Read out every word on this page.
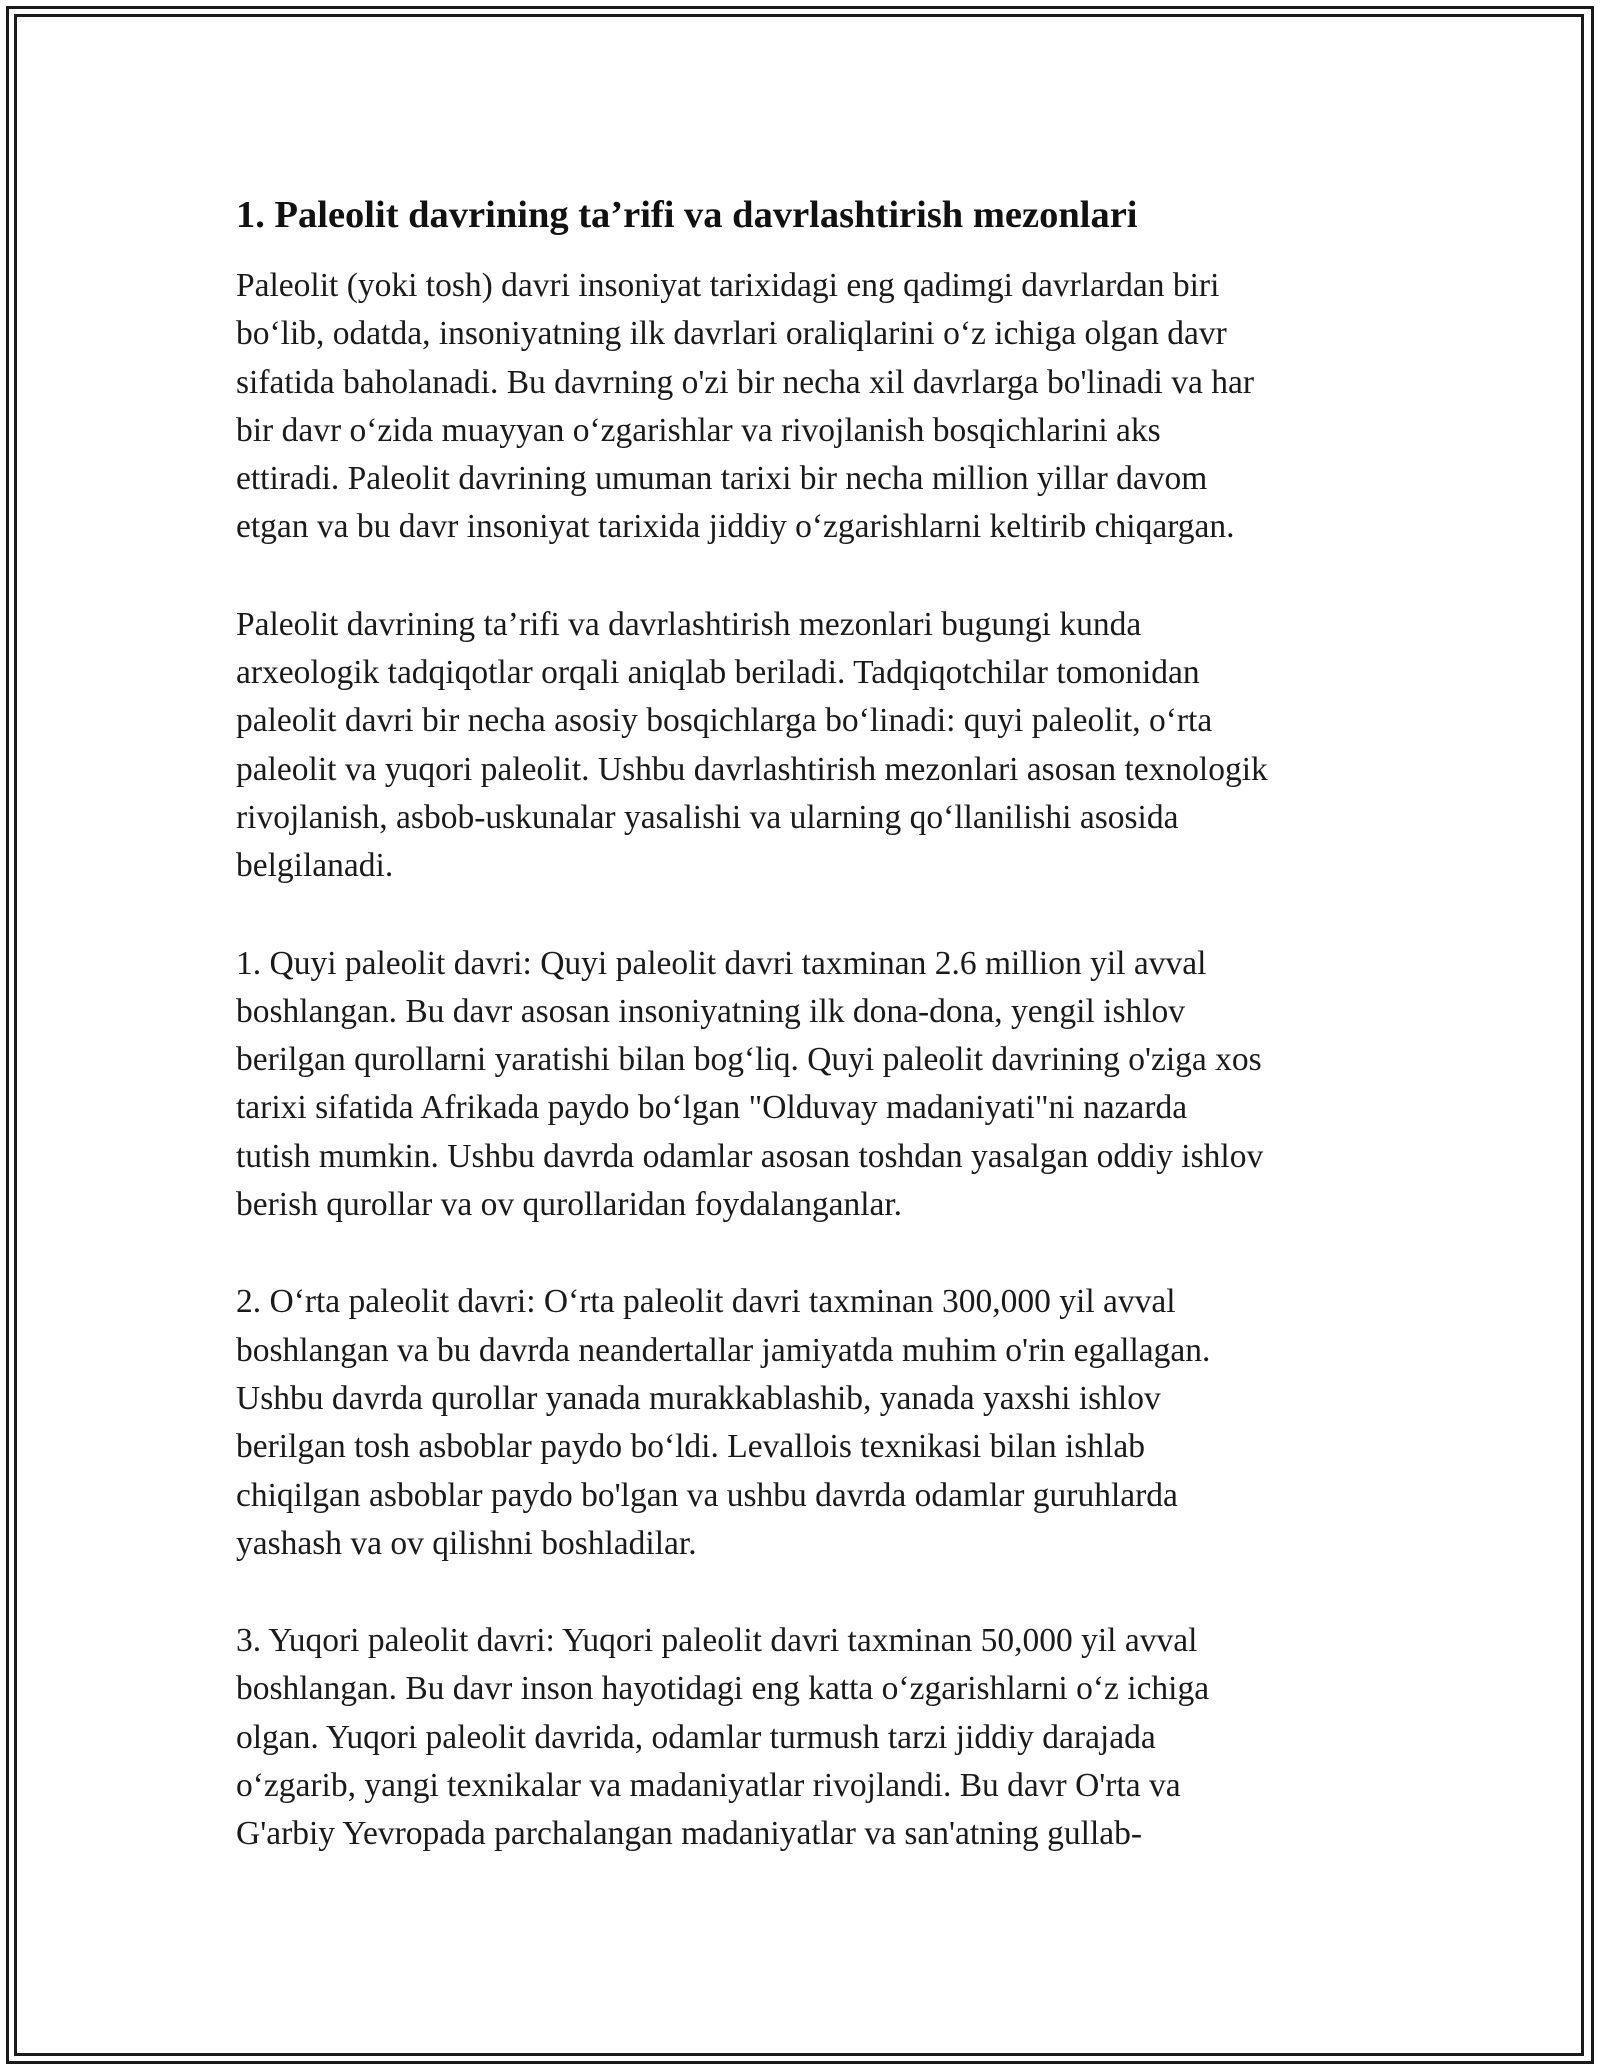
1. Paleolit davrining ta’rifi va davrlashtirish mezonlari

Paleolit (yoki tosh) davri insoniyat tarixidagi eng qadimgi davrlardan biri
bo‘lib, odatda, insoniyatning ilk davrlari oraliqlarini o‘z ichiga olgan davr
sifatida baholanadi. Bu davrning o'zi bir necha xil davrlarga bo'linadi va har
bir davr o‘zida muayyan o‘zgarishlar va rivojlanish bosqichlarini aks
ettiradi. Paleolit davrining umuman tarixi bir necha million yillar davom
etgan va bu davr insoniyat tarixida jiddiy o‘zgarishlarni keltirib chiqargan.

Paleolit davrining ta’rifi va davrlashtirish mezonlari bugungi kunda
arxeologik tadqiqotlar orqali aniqlab beriladi. Tadqiqotchilar tomonidan
paleolit davri bir necha asosiy bosqichlarga bo‘linadi: quyi paleolit, o‘rta
paleolit va yuqori paleolit. Ushbu davrlashtirish mezonlari asosan texnologik
rivojlanish, asbob-uskunalar yasalishi va ularning qo‘llanilishi asosida
belgilanadi.

1. Quyi paleolit davri: Quyi paleolit davri taxminan 2.6 million yil avval
boshlangan. Bu davr asosan insoniyatning ilk dona-dona, yengil ishlov
berilgan qurollarni yaratishi bilan bog‘liq. Quyi paleolit davrining o'ziga xos
tarixi sifatida Afrikada paydo bo‘lgan "Olduvay madaniyati"ni nazarda
tutish mumkin. Ushbu davrda odamlar asosan toshdan yasalgan oddiy ishlov
berish qurollar va ov qurollaridan foydalanganlar.

2. O‘rta paleolit davri: O‘rta paleolit davri taxminan 300,000 yil avval
boshlangan va bu davrda neandertallar jamiyatda muhim o'rin egallagan.
Ushbu davrda qurollar yanada murakkablashib, yanada yaxshi ishlov
berilgan tosh asboblar paydo bo‘ldi. Levallois texnikasi bilan ishlab
chiqilgan asboblar paydo bo'lgan va ushbu davrda odamlar guruhlarda
yashash va ov qilishni boshladilar.

3. Yuqori paleolit davri: Yuqori paleolit davri taxminan 50,000 yil avval
boshlangan. Bu davr inson hayotidagi eng katta o‘zgarishlarni o‘z ichiga
olgan. Yuqori paleolit davrida, odamlar turmush tarzi jiddiy darajada
o‘zgarib, yangi texnikalar va madaniyatlar rivojlandi. Bu davr O'rta va
G'arbiy Yevropada parchalangan madaniyatlar va san'atning gullab-
